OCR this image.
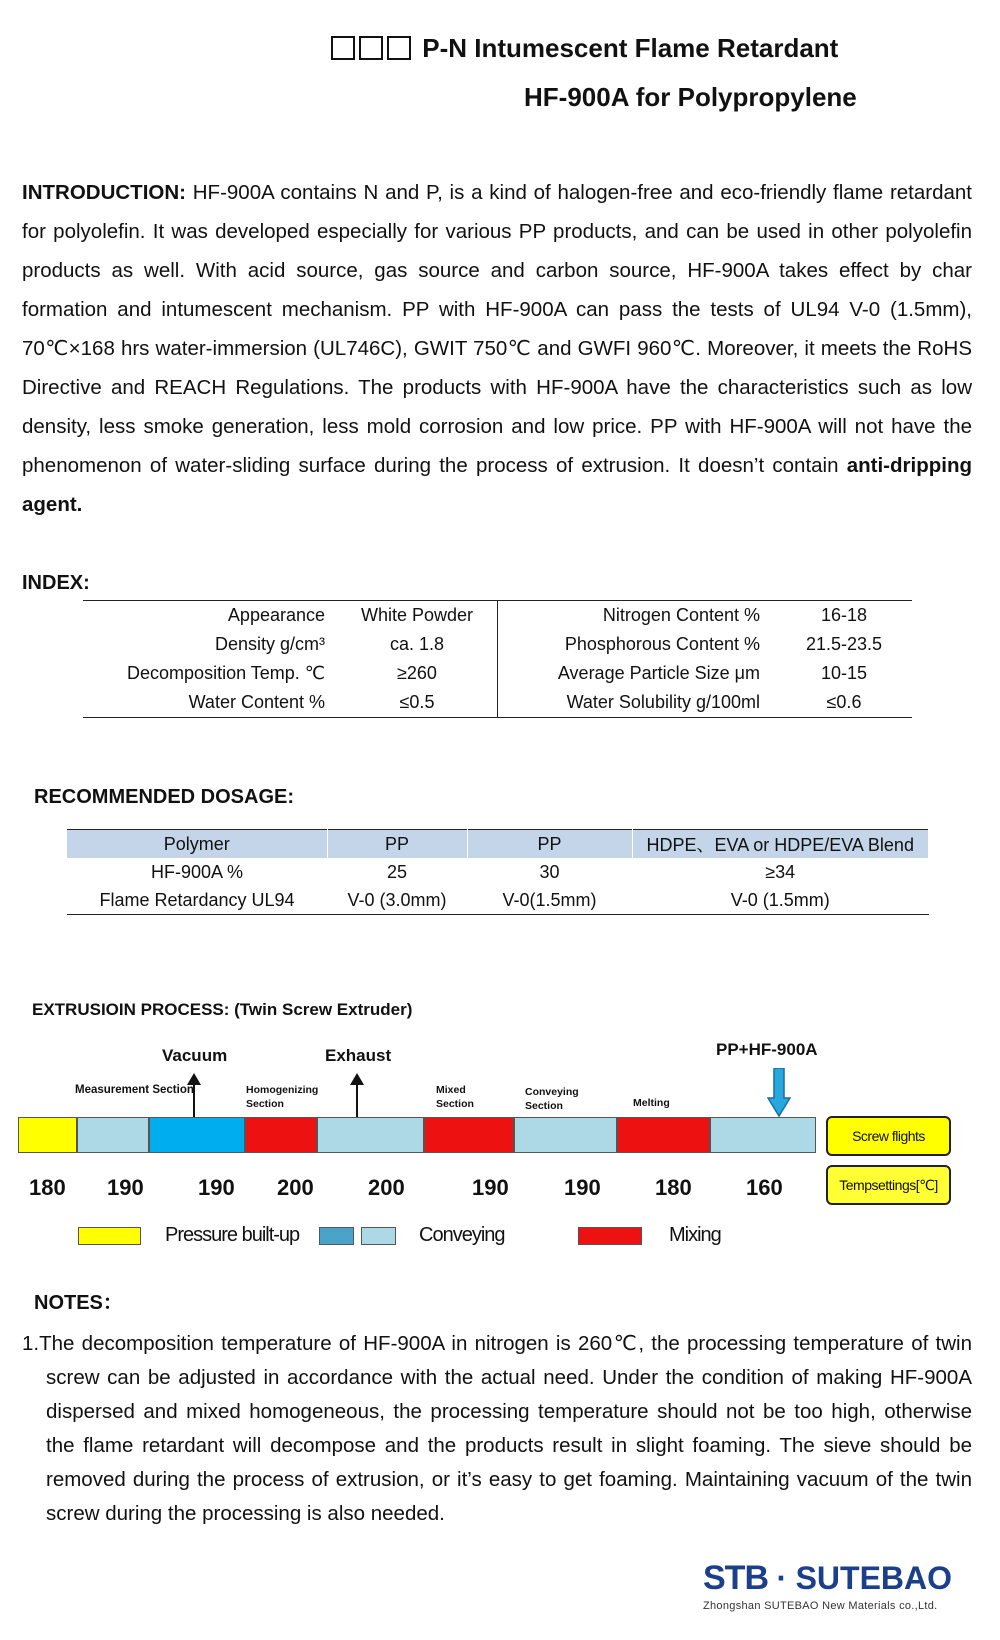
P-N Intumescent Flame Retardant
HF-900A for Polypropylene
INTRODUCTION: HF-900A contains N and P, is a kind of halogen-free and eco-friendly flame retardant for polyolefin. It was developed especially for various PP products, and can be used in other polyolefin products as well. With acid source, gas source and carbon source, HF-900A takes effect by char formation and intumescent mechanism. PP with HF-900A can pass the tests of UL94 V-0 (1.5mm), 70℃×168 hrs water-immersion (UL746C), GWIT 750℃ and GWFI 960℃. Moreover, it meets the RoHS Directive and REACH Regulations. The products with HF-900A have the characteristics such as low density, less smoke generation, less mold corrosion and low price. PP with HF-900A will not have the phenomenon of water-sliding surface during the process of extrusion. It doesn’t contain anti-dripping agent.
INDEX:
Appearance	White Powder	Nitrogen Content %	16-18
Density g/cm³	ca. 1.8	Phosphorous Content %	21.5-23.5
Decomposition Temp. ℃	≥260	Average Particle Size μm	10-15
Water Content %	≤0.5	Water Solubility g/100ml	≤0.6
RECOMMENDED DOSAGE:
Polymer	PP	PP	HDPE、EVA or HDPE/EVA Blend
HF-900A %	25	30	≥34
Flame Retardancy UL94	V-0 (3.0mm)	V-0(1.5mm)	V-0 (1.5mm)
EXTRUSIOIN PROCESS: (Twin Screw Extruder)
Vacuum	Exhaust	PP+HF-900A
Measurement Section	Homogenizing Section
Mixed Section
Conveying Section	Melting
Screw flights
Tempsettings[℃]
180 190 190 200 200	190	190 180 160
Pressure built-up	Conveying	Mixing
NOTES：
1.The decomposition temperature of HF-900A in nitrogen is 260℃, the processing temperature of twin screw can be adjusted in accordance with the actual need. Under the condition of making HF-900A dispersed and mixed homogeneous, the processing temperature should not be too high, otherwise the flame retardant will decompose and the products result in slight foaming. The sieve should be removed during the process of extrusion, or it’s easy to get foaming. Maintaining vacuum of the twin screw during the processing is also needed.
STB · SUTEBAO
Zhongshan SUTEBAO New Materials co.,Ltd.
